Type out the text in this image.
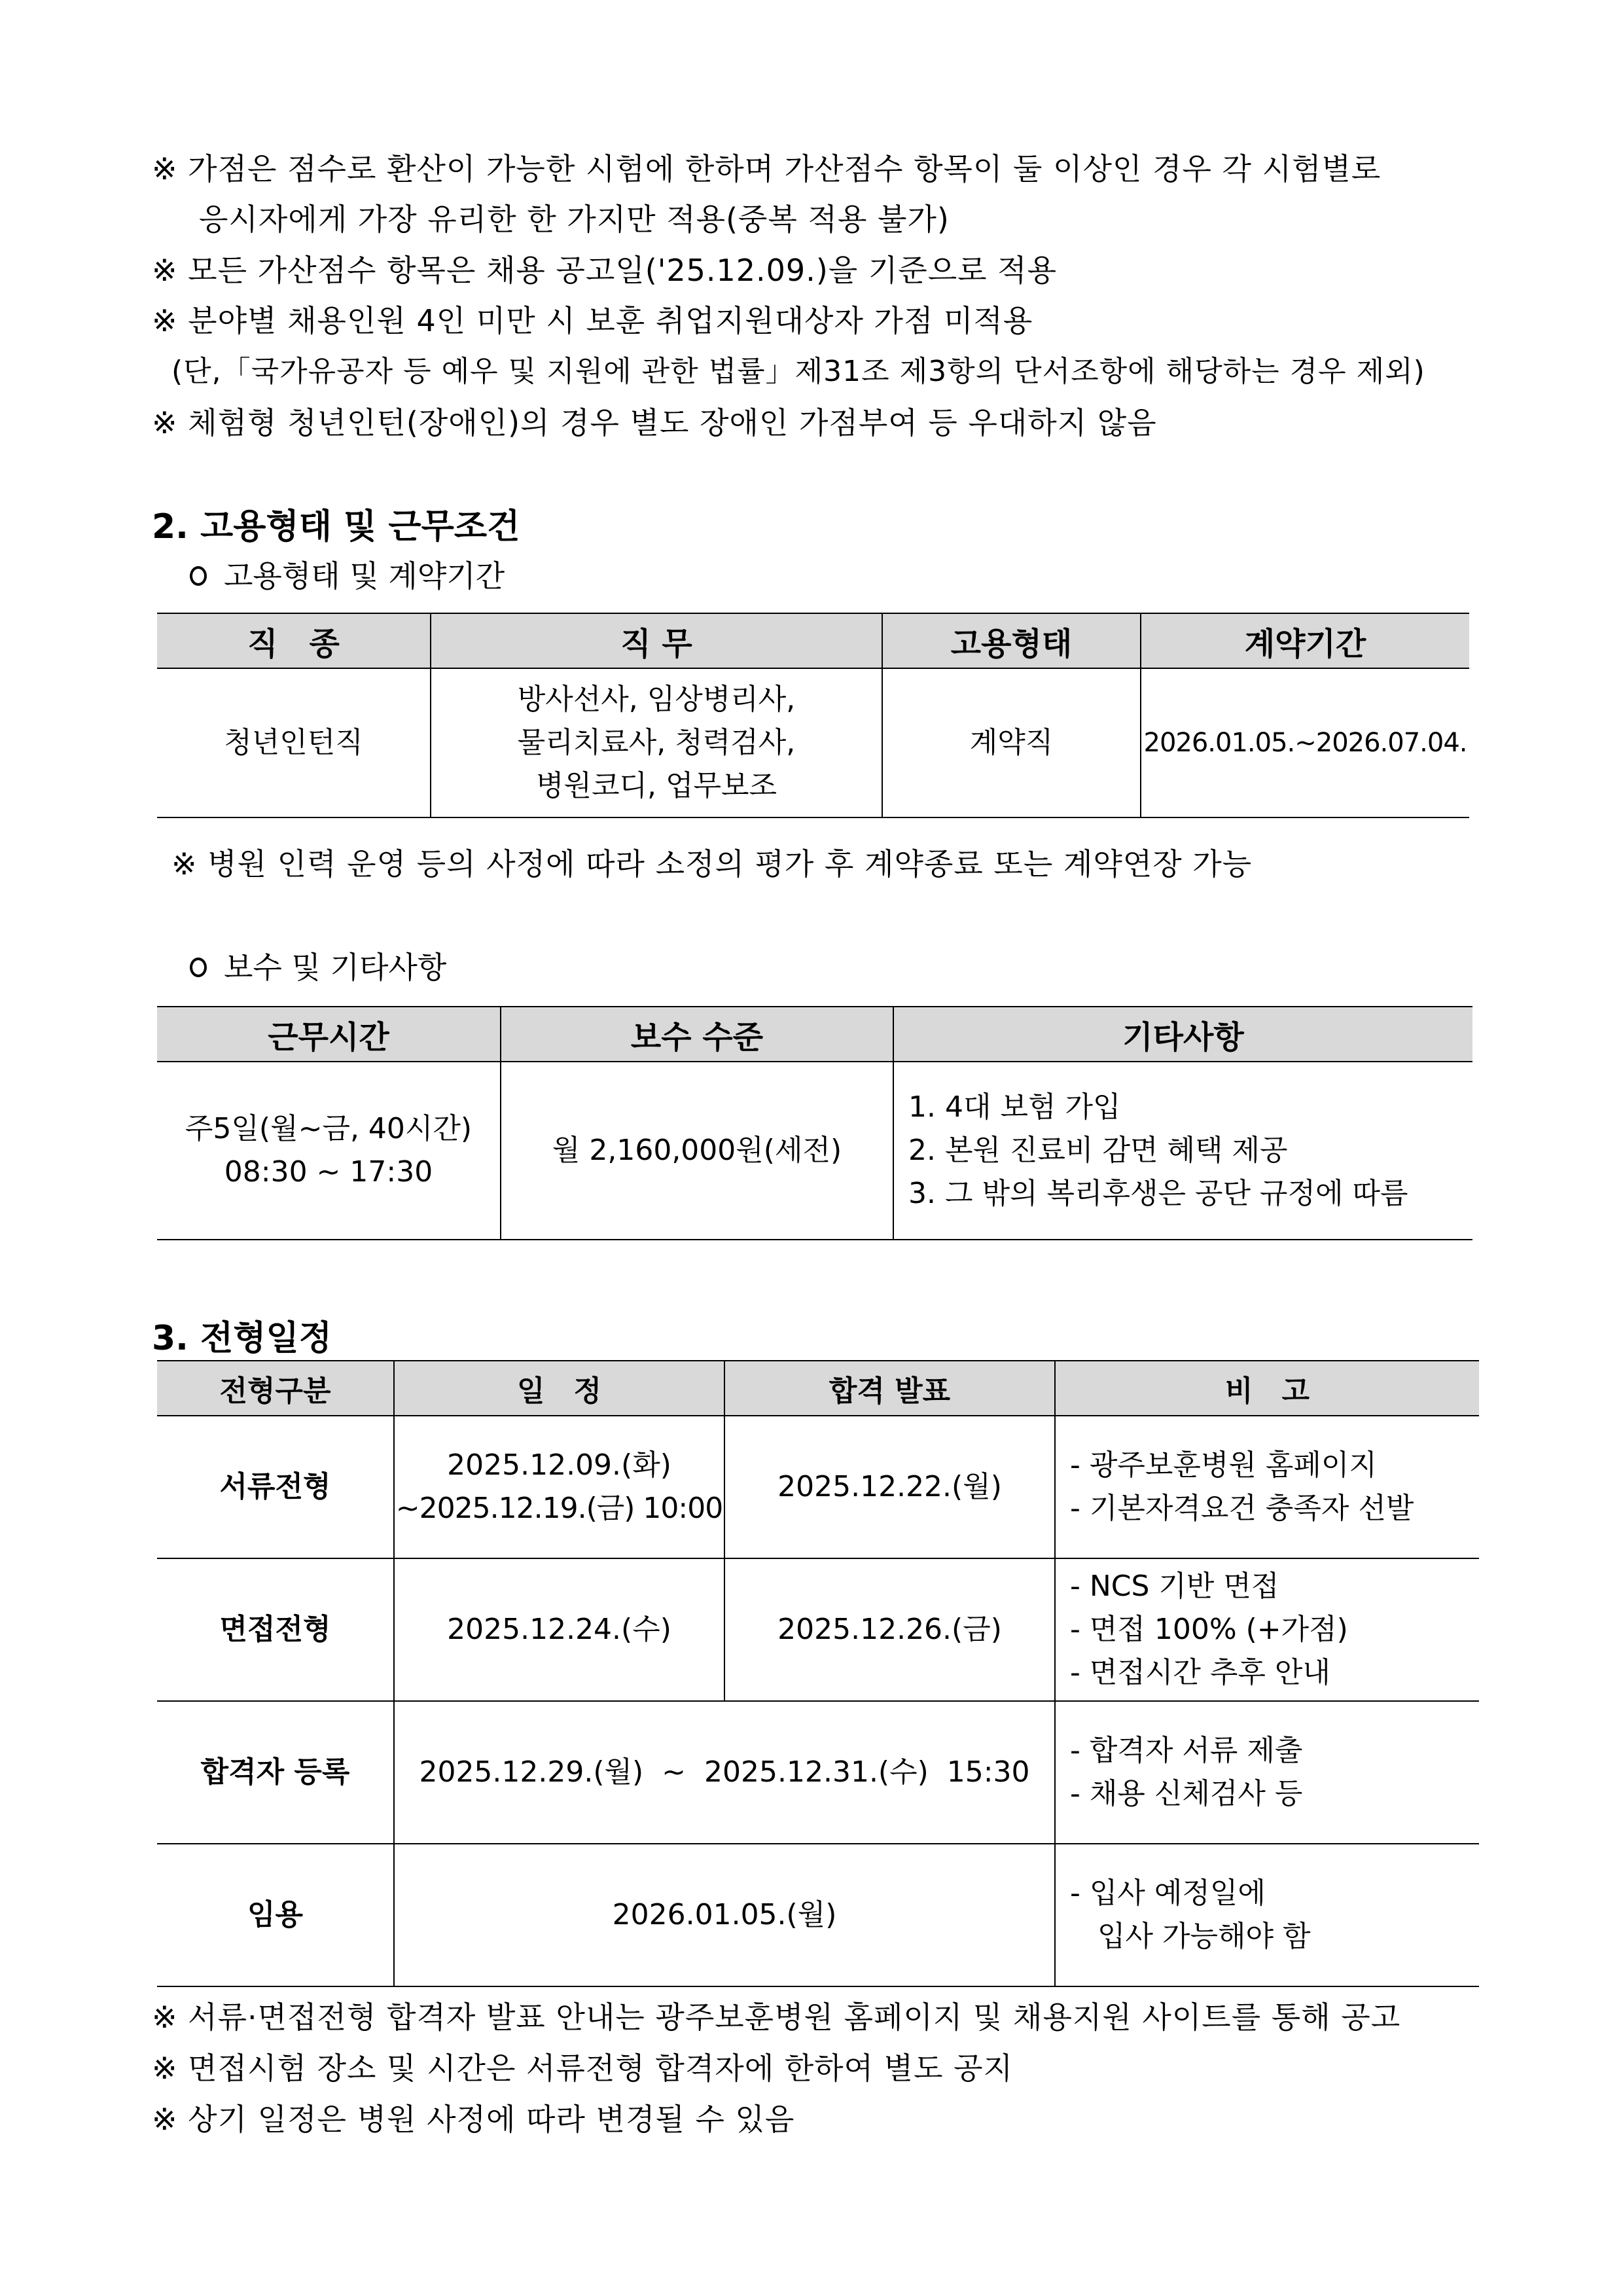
※ 가점은 점수로 환산이 가능한 시험에 한하며 가산점수 항목이 둘 이상인 경우 각 시험별로
응시자에게 가장 유리한 한 가지만 적용(중복 적용 불가)
※ 모든 가산점수 항목은 채용 공고일('25.12.09.)을 기준으로 적용
※ 분야별 채용인원 4인 미만 시 보훈 취업지원대상자 가점 미적용
(단,「국가유공자 등 예우 및 지원에 관한 법률」제31조 제3항의 단서조항에 해당하는 경우 제외)
※ 체험형 청년인턴(장애인)의 경우 별도 장애인 가점부여 등 우대하지 않음
2. 고용형태 및 근무조건
고용형태 및 계약기간
직　종	직 무	고용형태	계약기간
청년인턴직	방사선사, 임상병리사,
물리치료사, 청력검사,
병원코디, 업무보조	계약직	2026.01.05.~2026.07.04.
※ 병원 인력 운영 등의 사정에 따라 소정의 평가 후 계약종료 또는 계약연장 가능
보수 및 기타사항
근무시간	보수 수준	기타사항

주5일(월~금, 40시간)
08:30 ~ 17:30	월 2,160,000원(세전)	1. 4대 보험 가입
2. 본원 진료비 감면 혜택 제공
3. 그 밖의 복리후생은 공단 규정에 따름
3. 전형일정
전형구분	일　정	합격 발표	비　고
서류전형	2025.12.09.(화)
~2025.12.19.(금) 10:00	2025.12.22.(월)	- 광주보훈병원 홈페이지
- 기본자격요건 충족자 선발

면접전형	2025.12.24.(수)	2025.12.26.(금)	- NCS 기반 면접
- 면접 100% (+가점)
- 면접시간 추후 안내

합격자 등록	2025.12.29.(월)  ~  2025.12.31.(수)  15:30		- 합격자 서류 제출
- 채용 신체검사 등

임용	2026.01.05.(월)		- 입사 예정일에
입사 가능해야 함
※ 서류·면접전형 합격자 발표 안내는 광주보훈병원 홈페이지 및 채용지원 사이트를 통해 공고
※ 면접시험 장소 및 시간은 서류전형 합격자에 한하여 별도 공지
※ 상기 일정은 병원 사정에 따라 변경될 수 있음
